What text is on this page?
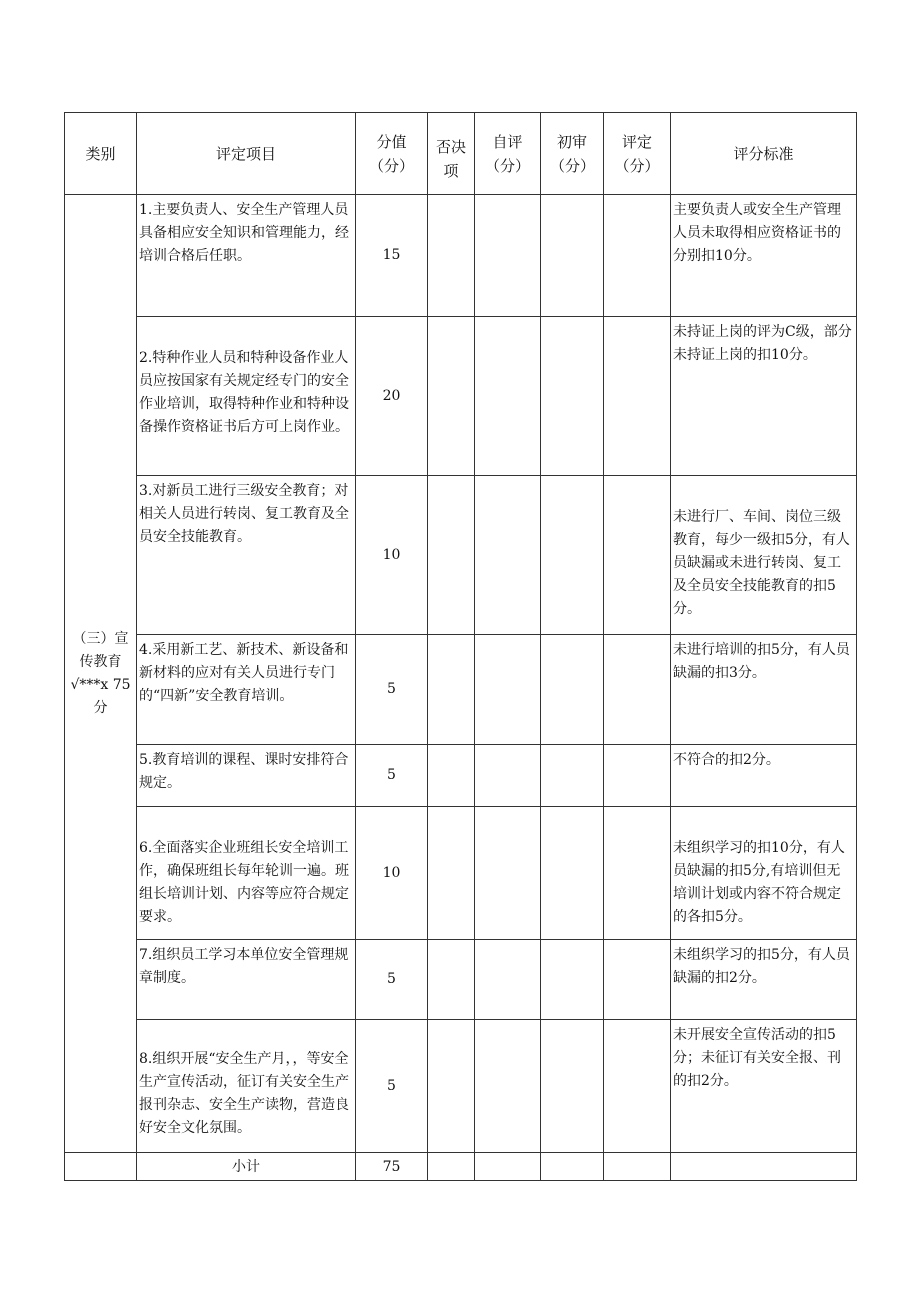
类别	评定项目	分值（分）	否决项	自评（分）	初审（分）	评定（分）	评分标准
（三）宣传教育√***x 75分	1.主要负责人、安全生产管理人员具备相应安全知识和管理能力，经培训合格后任职。	15					主要负责人或安全生产管理人员未取得相应资格证书的分别扣10分。
	2.特种作业人员和特种设备作业人员应按国家有关规定经专门的安全作业培训，取得特种作业和特种设备操作资格证书后方可上岗作业。	20					未持证上岗的评为C级，部分未持证上岗的扣10分。
	3.对新员工进行三级安全教育；对相关人员进行转岗、复工教育及全员安全技能教育。	10					未进行厂、车间、岗位三级教育，每少一级扣5分，有人员缺漏或未进行转岗、复工及全员安全技能教育的扣5分。
	4.采用新工艺、新技术、新设备和新材料的应对有关人员进行专门的“四新”安全教育培训。	5					未进行培训的扣5分，有人员缺漏的扣3分。
	5.教育培训的课程、课时安排符合规定。	5					不符合的扣2分。
	6.全面落实企业班组长安全培训工作，确保班组长每年轮训一遍。班组长培训计划、内容等应符合规定要求。	10					未组织学习的扣10分，有人员缺漏的扣5分,有培训但无培训计划或内容不符合规定的各扣5分。
	7.组织员工学习本单位安全管理规章制度。	5					未组织学习的扣5分，有人员缺漏的扣2分。
	8.组织开展“安全生产月，，等安全生产宣传活动，征订有关安全生产报刊杂志、安全生产读物，营造良好安全文化氛围。	5					未开展安全宣传活动的扣5分；未征订有关安全报、刊的扣2分。
	小计	75					
